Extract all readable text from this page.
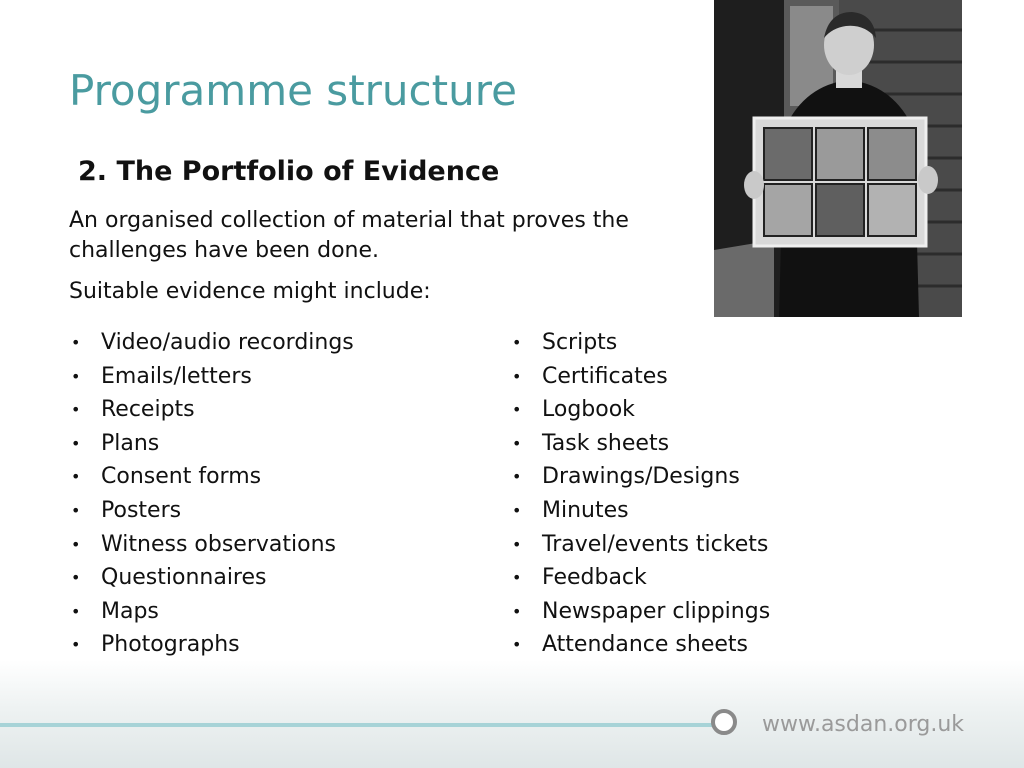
Programme structure
2. The Portfolio of Evidence
An organised collection of material that proves the challenges have been done.
Suitable evidence might include:
• Video/audio recordings
• Emails/letters
• Receipts
• Plans
• Consent forms
• Posters
• Witness observations
• Questionnaires
• Maps
• Photographs
• Scripts
• Certificates
• Logbook
• Task sheets
• Drawings/Designs
• Minutes
• Travel/events tickets
• Feedback
• Newspaper clippings
• Attendance sheets
www.asdan.org.uk
